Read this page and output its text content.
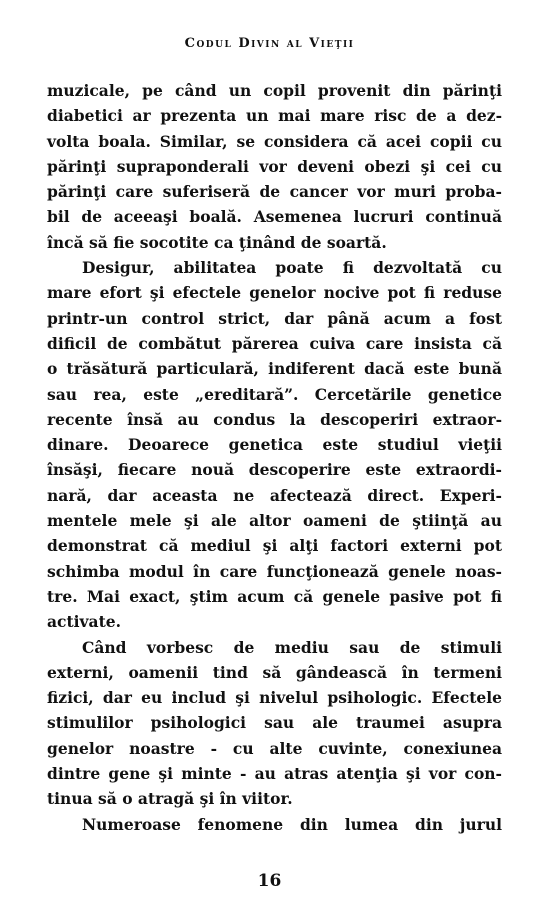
Codul Divin al Vieţii
muzicale, pe când un copil provenit din părinţi
diabetici ar prezenta un mai mare risc de a dez-
volta boala. Similar, se considera că acei copii cu
părinţi supraponderali vor deveni obezi şi cei cu
părinţi care suferiseră de cancer vor muri proba-
bil de aceeaşi boală. Asemenea lucruri continuă
încă să fie socotite ca ţinând de soartă.
Desigur, abilitatea poate fi dezvoltată cu
mare efort şi efectele genelor nocive pot fi reduse
printr-un control strict, dar până acum a fost
dificil de combătut părerea cuiva care insista că
o trăsătură particulară, indiferent dacă este bună
sau rea, este „ereditară”. Cercetările genetice
recente însă au condus la descoperiri extraor-
dinare. Deoarece genetica este studiul vieţii
însăşi, fiecare nouă descoperire este extraordi-
nară, dar aceasta ne afectează direct. Experi-
mentele mele şi ale altor oameni de ştiinţă au
demonstrat că mediul şi alţi factori externi pot
schimba modul în care funcţionează genele noas-
tre. Mai exact, ştim acum că genele pasive pot fi
activate.
Când vorbesc de mediu sau de stimuli
externi, oamenii tind să gândească în termeni
fizici, dar eu includ şi nivelul psihologic. Efectele
stimulilor psihologici sau ale traumei asupra
genelor noastre - cu alte cuvinte, conexiunea
dintre gene şi minte - au atras atenţia şi vor con-
tinua să o atragă şi în viitor.
Numeroase fenomene din lumea din jurul
16
